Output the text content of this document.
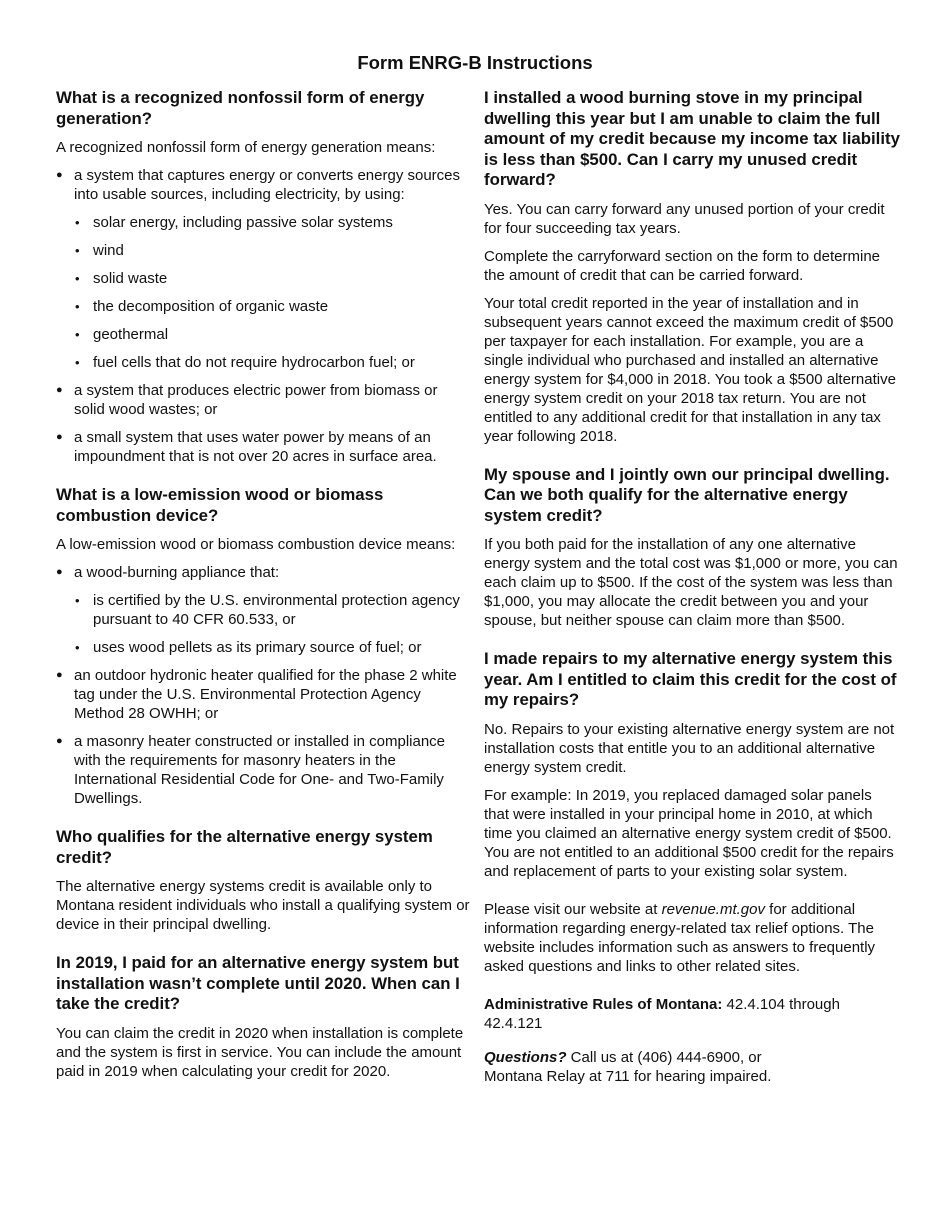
Form ENRG-B Instructions
What is a recognized nonfossil form of energy generation?

A recognized nonfossil form of energy generation means:

● a system that captures energy or converts energy sources into usable sources, including electricity, by using:
• solar energy, including passive solar systems
• wind
• solid waste
• the decomposition of organic waste
• geothermal
• fuel cells that do not require hydrocarbon fuel; or
● a system that produces electric power from biomass or solid wood wastes; or
● a small system that uses water power by means of an impoundment that is not over 20 acres in surface area.
What is a low-emission wood or biomass combustion device?

A low-emission wood or biomass combustion device means:

● a wood-burning appliance that:
• is certified by the U.S. environmental protection agency pursuant to 40 CFR 60.533, or
• uses wood pellets as its primary source of fuel; or
● an outdoor hydronic heater qualified for the phase 2 white tag under the U.S. Environmental Protection Agency Method 28 OWHH; or
● a masonry heater constructed or installed in compliance with the requirements for masonry heaters in the International Residential Code for One- and Two-Family Dwellings.
Who qualifies for the alternative energy system credit?

The alternative energy systems credit is available only to Montana resident individuals who install a qualifying system or device in their principal dwelling.

In 2019, I paid for an alternative energy system but installation wasn’t complete until 2020. When can I take the credit?

You can claim the credit in 2020 when installation is complete and the system is first in service. You can include the amount paid in 2019 when calculating your credit for 2020.

I installed a wood burning stove in my principal dwelling this year but I am unable to claim the full amount of my credit because my income tax liability is less than $500. Can I carry my unused credit forward?

Yes. You can carry forward any unused portion of your credit for four succeeding tax years.

Complete the carryforward section on the form to determine the amount of credit that can be carried forward.

Your total credit reported in the year of installation and in subsequent years cannot exceed the maximum credit of $500 per taxpayer for each installation. For example, you are a single individual who purchased and installed an alternative energy system for $4,000 in 2018. You took a $500 alternative energy system credit on your 2018 tax return. You are not entitled to any additional credit for that installation in any tax year following 2018.

My spouse and I jointly own our principal dwelling. Can we both qualify for the alternative energy system credit?

If you both paid for the installation of any one alternative energy system and the total cost was $1,000 or more, you can each claim up to $500. If the cost of the system was less than $1,000, you may allocate the credit between you and your spouse, but neither spouse can claim more than $500.

I made repairs to my alternative energy system this year. Am I entitled to claim this credit for the cost of my repairs?

No. Repairs to your existing alternative energy system are not installation costs that entitle you to an additional alternative energy system credit.

For example: In 2019, you replaced damaged solar panels that were installed in your principal home in 2010, at which time you claimed an alternative energy system credit of $500. You are not entitled to an additional $500 credit for the repairs and replacement of parts to your existing solar system.

Please visit our website at revenue.mt.gov for additional information regarding energy-related tax relief options. The website includes information such as answers to frequently asked questions and links to other related sites.

Administrative Rules of Montana: 42.4.104 through 42.4.121

Questions? Call us at (406) 444-6900, or
Montana Relay at 711 for hearing impaired.
